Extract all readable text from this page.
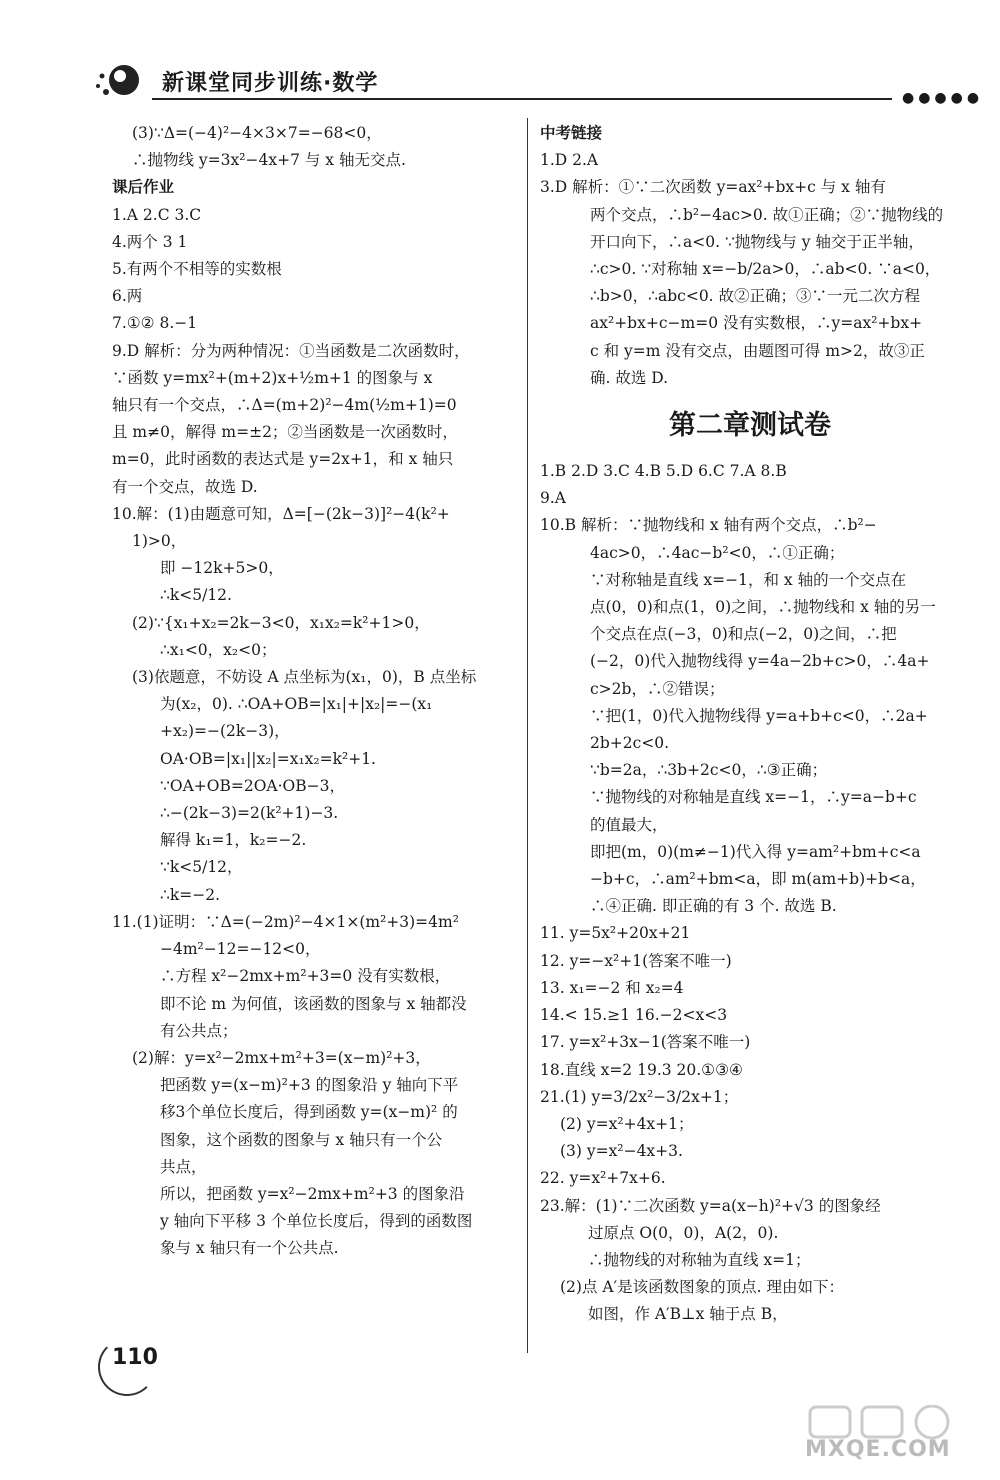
新课堂同步训练·数学
●●●●●
(3)∵Δ=(−4)²−4×3×7=−68<0，
∴抛物线 y=3x²−4x+7 与 x 轴无交点.
课后作业
1.A 2.C 3.C
4.两个 3 1
5.有两个不相等的实数根
6.两
7.①② 8.−1
9.D 解析：分为两种情况：①当函数是二次函数时，
∵函数 y=mx²+(m+2)x+½m+1 的图象与 x
轴只有一个交点，∴Δ=(m+2)²−4m(½m+1)=0
且 m≠0，解得 m=±2；②当函数是一次函数时，
m=0，此时函数的表达式是 y=2x+1，和 x 轴只
有一个交点，故选 D.
10.解：(1)由题意可知，Δ=[−(2k−3)]²−4(k²+
1)>0，
即 −12k+5>0，
∴k<5/12.
(2)∵{x₁+x₂=2k−3<0，x₁x₂=k²+1>0，
∴x₁<0，x₂<0；
(3)依题意，不妨设 A 点坐标为(x₁，0)，B 点坐标
为(x₂，0). ∴OA+OB=|x₁|+|x₂|=−(x₁
+x₂)=−(2k−3)，
OA·OB=|x₁||x₂|=x₁x₂=k²+1.
∵OA+OB=2OA·OB−3，
∴−(2k−3)=2(k²+1)−3.
解得 k₁=1，k₂=−2.
∵k<5/12，
∴k=−2.
11.(1)证明：∵Δ=(−2m)²−4×1×(m²+3)=4m²
−4m²−12=−12<0，
∴方程 x²−2mx+m²+3=0 没有实数根，
即不论 m 为何值，该函数的图象与 x 轴都没
有公共点；
(2)解：y=x²−2mx+m²+3=(x−m)²+3，
把函数 y=(x−m)²+3 的图象沿 y 轴向下平
移3个单位长度后，得到函数 y=(x−m)² 的
图象，这个函数的图象与 x 轴只有一个公
共点，
所以，把函数 y=x²−2mx+m²+3 的图象沿
y 轴向下平移 3 个单位长度后，得到的函数图
象与 x 轴只有一个公共点.
中考链接
1.D 2.A
3.D 解析：①∵二次函数 y=ax²+bx+c 与 x 轴有
两个交点，∴b²−4ac>0. 故①正确；②∵抛物线的
开口向下，∴a<0. ∵抛物线与 y 轴交于正半轴，
∴c>0. ∵对称轴 x=−b/2a>0，∴ab<0. ∵a<0，
∴b>0，∴abc<0. 故②正确；③∵一元二次方程
ax²+bx+c−m=0 没有实数根，∴y=ax²+bx+
c 和 y=m 没有交点，由题图可得 m>2，故③正
确. 故选 D.
第二章测试卷
1.B 2.D 3.C 4.B 5.D 6.C 7.A 8.B
9.A
10.B 解析：∵抛物线和 x 轴有两个交点，∴b²−
4ac>0，∴4ac−b²<0，∴①正确；
∵对称轴是直线 x=−1，和 x 轴的一个交点在
点(0，0)和点(1，0)之间，∴抛物线和 x 轴的另一
个交点在点(−3，0)和点(−2，0)之间，∴把
(−2，0)代入抛物线得 y=4a−2b+c>0，∴4a+
c>2b，∴②错误；
∵把(1，0)代入抛物线得 y=a+b+c<0，∴2a+
2b+2c<0.
∵b=2a，∴3b+2c<0，∴③正确；
∵抛物线的对称轴是直线 x=−1，∴y=a−b+c
的值最大，
即把(m，0)(m≠−1)代入得 y=am²+bm+c<a
−b+c，∴am²+bm<a，即 m(am+b)+b<a，
∴④正确. 即正确的有 3 个. 故选 B.
11. y=5x²+20x+21
12. y=−x²+1(答案不唯一)
13. x₁=−2 和 x₂=4
14.< 15.≥1 16.−2<x<3
17. y=x²+3x−1(答案不唯一)
18.直线 x=2 19.3 20.①③④
21.(1) y=3/2x²−3/2x+1；
(2) y=x²+4x+1；
(3) y=x²−4x+3.
22. y=x²+7x+6.
23.解：(1)∵二次函数 y=a(x−h)²+√3 的图象经
过原点 O(0，0)，A(2，0).
∴抛物线的对称轴为直线 x=1；
(2)点 A′是该函数图象的顶点. 理由如下：
如图，作 A′B⊥x 轴于点 B，
110
MXQE.COM
